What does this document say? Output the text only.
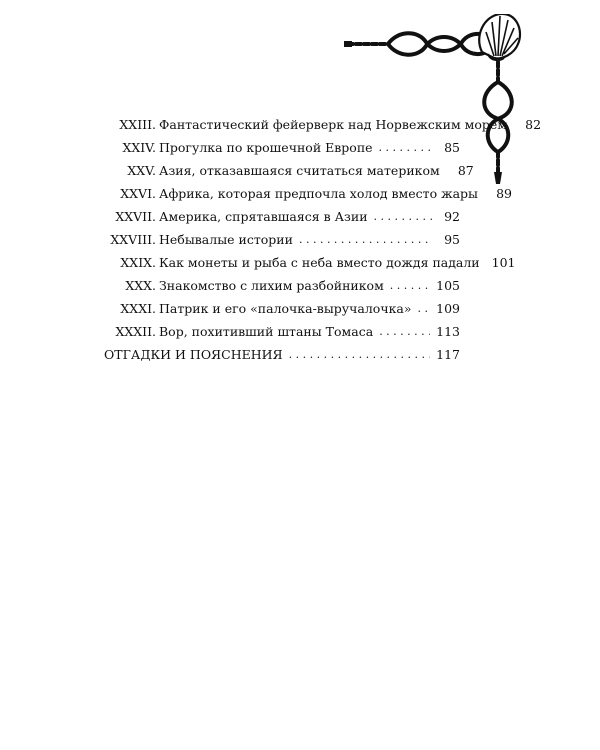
XXIII. Фантастический фейерверк над Норвежским морем	82
XXIV. Прогулка по крошечной Европе . . .	85
XXV. Азия, отказавшаяся считаться материком	87
XXVI. Африка, которая предпочла холод вместо жары	89
XXVII. Америка, спрятавшаяся в Азии . . .	92
XXVIII. Небывалые истории . . .	95
XXIX. Как монеты и рыба с неба вместо дождя падали 101
XXX. Знакомство с лихим разбойником . . .	105
XXXI. Патрик и его «палочка-выручалочка» . . . 109
XXXII. Вор, похитивший штаны Томаса . . .	113
ОТГАДКИ И ПОЯСНЕНИЯ . . .	117
